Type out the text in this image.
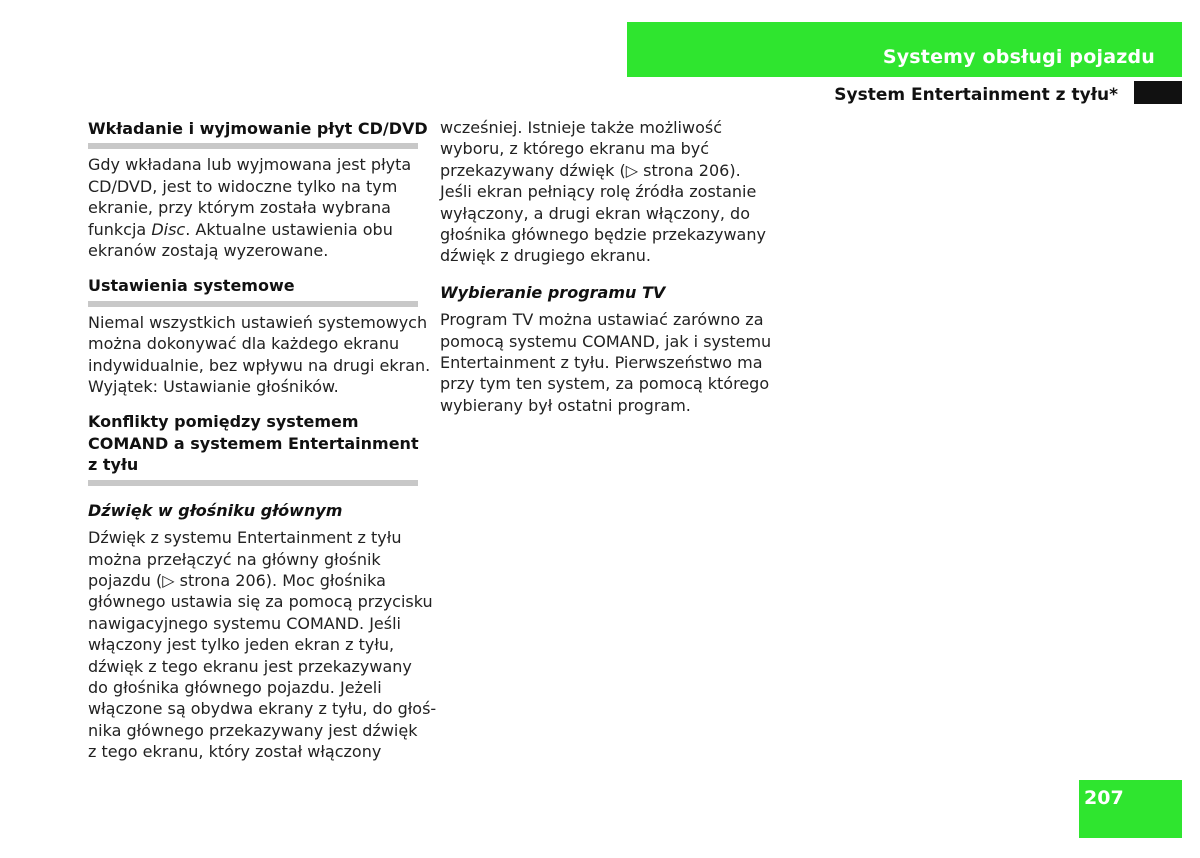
Systemy obsługi pojazdu
System Entertainment z tyłu*
Wkładanie i wyjmowanie płyt CD/DVD
Gdy wkładana lub wyjmowana jest płyta
CD/DVD, jest to widoczne tylko na tym
ekranie, przy którym została wybrana
funkcja Disc. Aktualne ustawienia obu
ekranów zostają wyzerowane.
Ustawienia systemowe
Niemal wszystkich ustawień systemowych
można dokonywać dla każdego ekranu
indywidualnie, bez wpływu na drugi ekran.
Wyjątek: Ustawianie głośników.
Konflikty pomiędzy systemem
COMAND a systemem Entertainment
z tyłu
Dźwięk w głośniku głównym
Dźwięk z systemu Entertainment z tyłu
można przełączyć na główny głośnik
pojazdu (▷ strona 206). Moc głośnika
głównego ustawia się za pomocą przycisku
nawigacyjnego systemu COMAND. Jeśli
włączony jest tylko jeden ekran z tyłu,
dźwięk z tego ekranu jest przekazywany
do głośnika głównego pojazdu. Jeżeli
włączone są obydwa ekrany z tyłu, do głoś-
nika głównego przekazywany jest dźwięk
z tego ekranu, który został włączony
wcześniej. Istnieje także możliwość
wyboru, z którego ekranu ma być
przekazywany dźwięk (▷ strona 206).
Jeśli ekran pełniący rolę źródła zostanie
wyłączony, a drugi ekran włączony, do
głośnika głównego będzie przekazywany
dźwięk z drugiego ekranu.
Wybieranie programu TV
Program TV można ustawiać zarówno za
pomocą systemu COMAND, jak i systemu
Entertainment z tyłu. Pierwszeństwo ma
przy tym ten system, za pomocą którego
wybierany był ostatni program.
207
